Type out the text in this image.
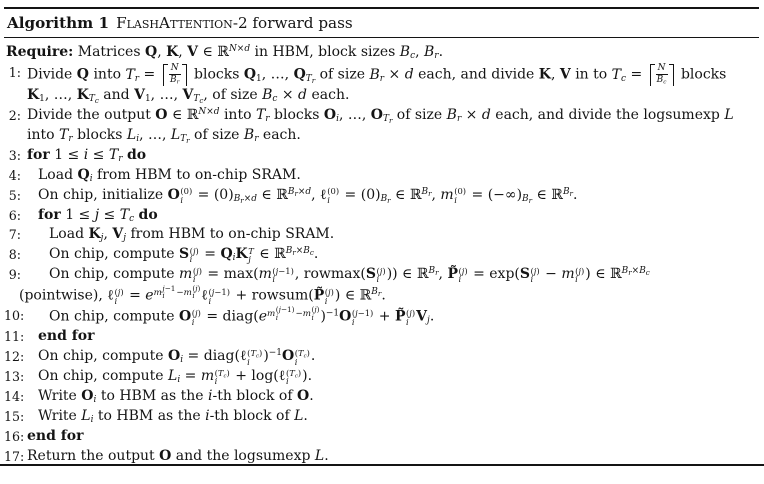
Algorithm 1 FlashAttention-2 forward pass
Require: Matrices Q, K, V ∈ ℝ$^{N\times d}$ in HBM, block sizes $B_c$, $B_r$.
1: Divide Q into $T_r = \frac{N}{B_r}$ blocks $Q_1$, …, $Q_{T_r}$ of size $B_r \times d$ each, and divide K, V in to $T_c = \frac{N}{B_c}$ blocks
$K_1$, …, $K_{T_c}$ and $V_1$, …, $V_{T_c}$, of size $B_c \times d$ each.
2: Divide the output O ∈ ℝ$^{N\times d}$ into $T_r$ blocks $O_i$, …, $O_{T_r}$ of size $B_r \times d$ each, and divide the logsumexp L
into $T_r$ blocks $L_i$, …, $L_{T_r}$ of size $B_r$ each.
3: for $1 \le i \le T_r$ do
4:	Load $Q_i$ from HBM to on-chip SRAM.
5:	On chip, initialize O (0)
$i = (0)_{B_r\times d}$ ∈ ℝ$^{B_r\times d}$, ℓ (0)
$i = (0)_{B_r}$ ∈ ℝ$^{B_r}$, m (0)
$i = (-\infty)_{B_r}$ ∈ ℝ$^{B_r}$.
6:	for $1 \le j \le T_c$ do
7:	Load $K_j$, $V_j$ from HBM to on-chip SRAM.
8:	On chip, compute S (j)
$i = Q_iK$ T
j ∈ ℝ$^{B_r\times B_c}$.
9:	On chip, compute m (j)
i = max(m (j−1)
i	, rowmax(S (j)
i )) ∈ ℝ$^{B_r}$, P̃ (j)
i = exp(S (j)
i − m (j)
i ) ∈ ℝ$^{B_r\times B_c}$
(pointwise), ℓ (j)
$i = e^{m j-1 i -m (j) i}$ ℓ (j−1)
i	+ rowsum(P̃ (j)
i ) ∈ ℝ$^{B_r}$.
10:	On chip, compute O (j)
$i = diag(e^{m (j-1) i -m (j) i}$ )$^{-1}$O (j−1)
i	+ P̃ (j)
i $V_j$.
11: end for
12: On chip, compute $O_i$ = diag(ℓ $(T_c)$
i )$^{-1}$O $(T_c)$
i .
13: On chip, compute $L_i = m$ $(T_c)$
i + log(ℓ $(T_c)$
i ).
14: Write $O_i$ to HBM as the i-th block of O.
15: Write $L_i$ to HBM as the i-th block of L.
16: end for
17: Return the output O and the logsumexp L.
